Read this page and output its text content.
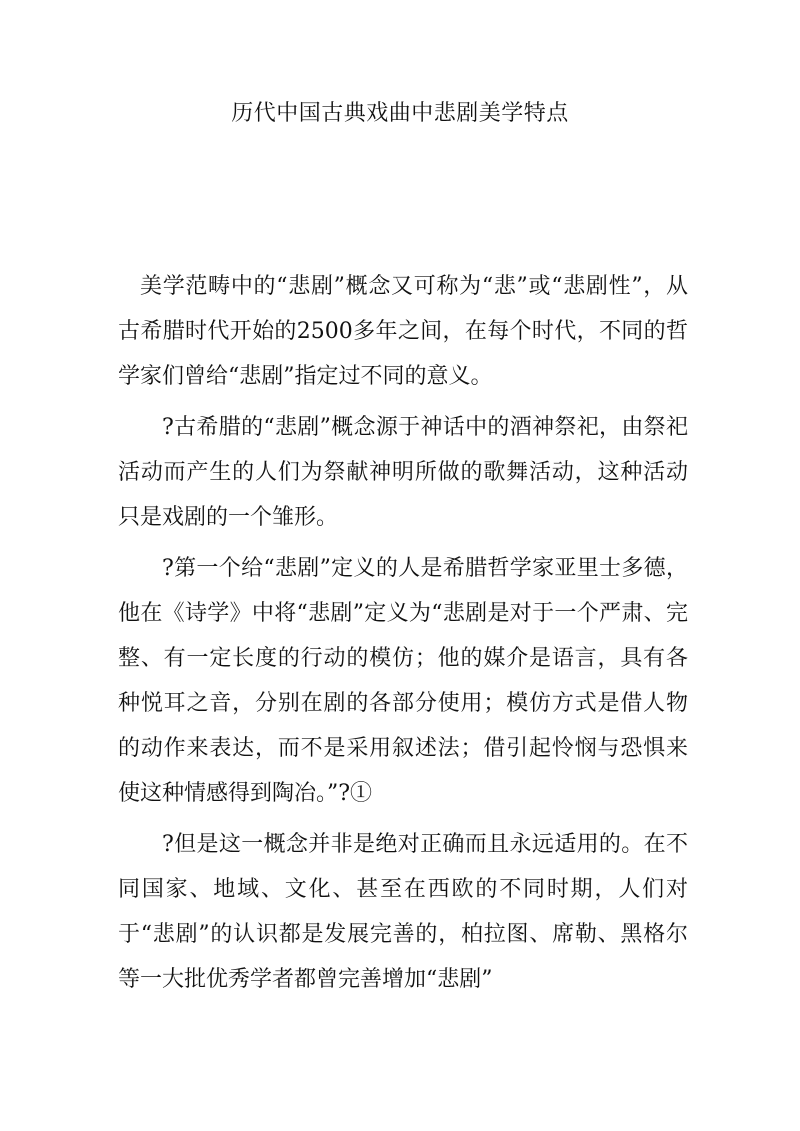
历代中国古典戏曲中悲剧美学特点

美学范畴中的“悲剧”概念又可称为“悲”或“悲剧性”，从古希腊时代开始的2500多年之间，在每个时代，不同的哲学家们曾给“悲剧”指定过不同的意义。

?古希腊的“悲剧”概念源于神话中的酒神祭祀，由祭祀活动而产生的人们为祭献神明所做的歌舞活动，这种活动只是戏剧的一个雏形。

?第一个给“悲剧”定义的人是希腊哲学家亚里士多德，他在《诗学》中将“悲剧”定义为“悲剧是对于一个严肃、完整、有一定长度的行动的模仿；他的媒介是语言，具有各种悦耳之音，分别在剧的各部分使用；模仿方式是借人物的动作来表达，而不是采用叙述法；借引起怜悯与恐惧来使这种情感得到陶冶。”?①

?但是这一概念并非是绝对正确而且永远适用的。在不同国家、地域、文化、甚至在西欧的不同时期，人们对于“悲剧”的认识都是发展完善的，柏拉图、席勒、黑格尔等一大批优秀学者都曾完善增加“悲剧”
